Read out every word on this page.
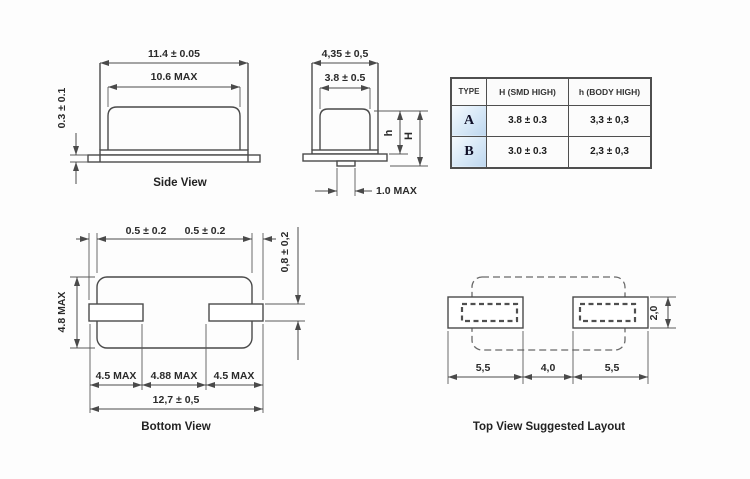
11.4 ± 0.05
10.6 MAX
0.3 ± 0.1
Side View
4,35 ± 0,5
3.8 ± 0.5
h H
1.0 MAX
0.5 ± 0.2 0.5 ± 0.2
0,8 ± 0,2
4.8 MAX
4.5 MAX 4.88 MAX 4.5 MAX
12,7 ± 0,5
Bottom View
2,0
5,5	4,0	5,5
Top View Suggested Layout
TYPE	H (SMD HIGH)	h (BODY HIGH)
A	3.8 ± 0.3	3,3 ± 0,3
B	3.0 ± 0.3	2,3 ± 0,3
